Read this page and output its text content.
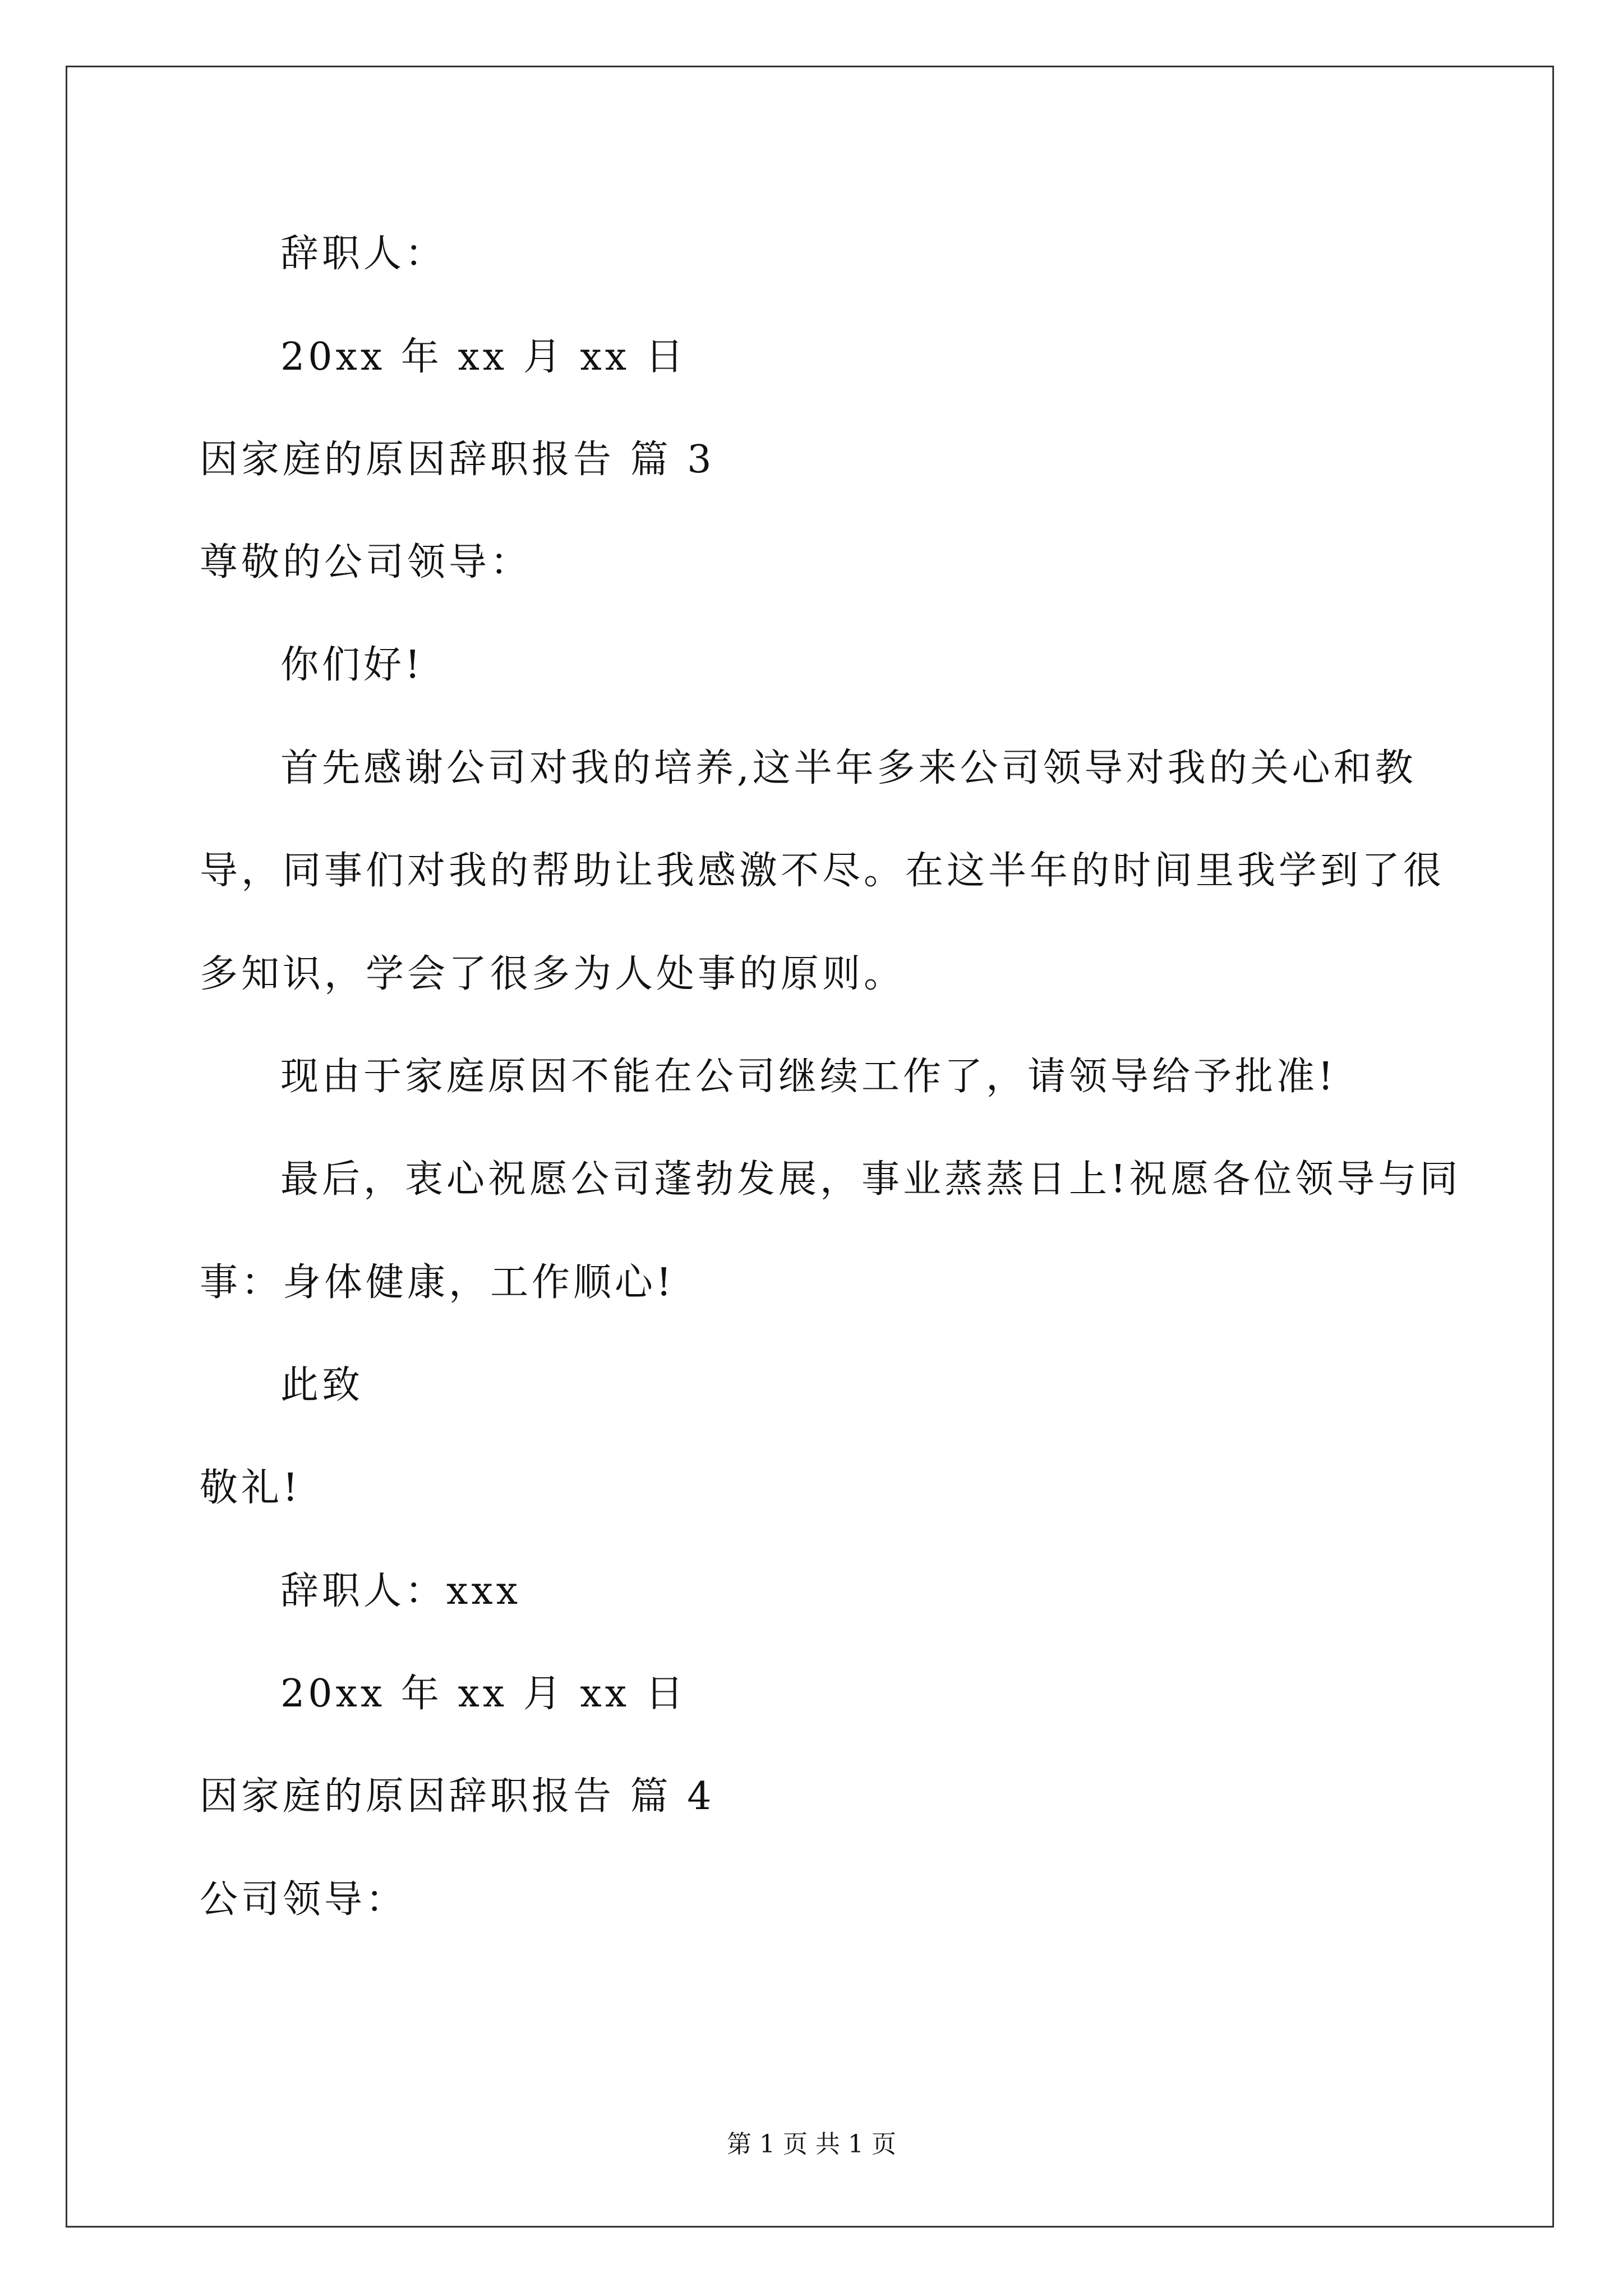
辞职人：
20xx 年 xx 月 xx 日
因家庭的原因辞职报告 篇 3
尊敬的公司领导：
你们好!
首先感谢公司对我的培养,这半年多来公司领导对我的关心和教
导，同事们对我的帮助让我感激不尽。在这半年的时间里我学到了很
多知识，学会了很多为人处事的原则。
现由于家庭原因不能在公司继续工作了，请领导给予批准!
最后，衷心祝愿公司蓬勃发展，事业蒸蒸日上!祝愿各位领导与同
事：身体健康，工作顺心!
此致
敬礼!
辞职人：xxx
20xx 年 xx 月 xx 日
因家庭的原因辞职报告 篇 4
公司领导：
第 1 页 共 1 页
